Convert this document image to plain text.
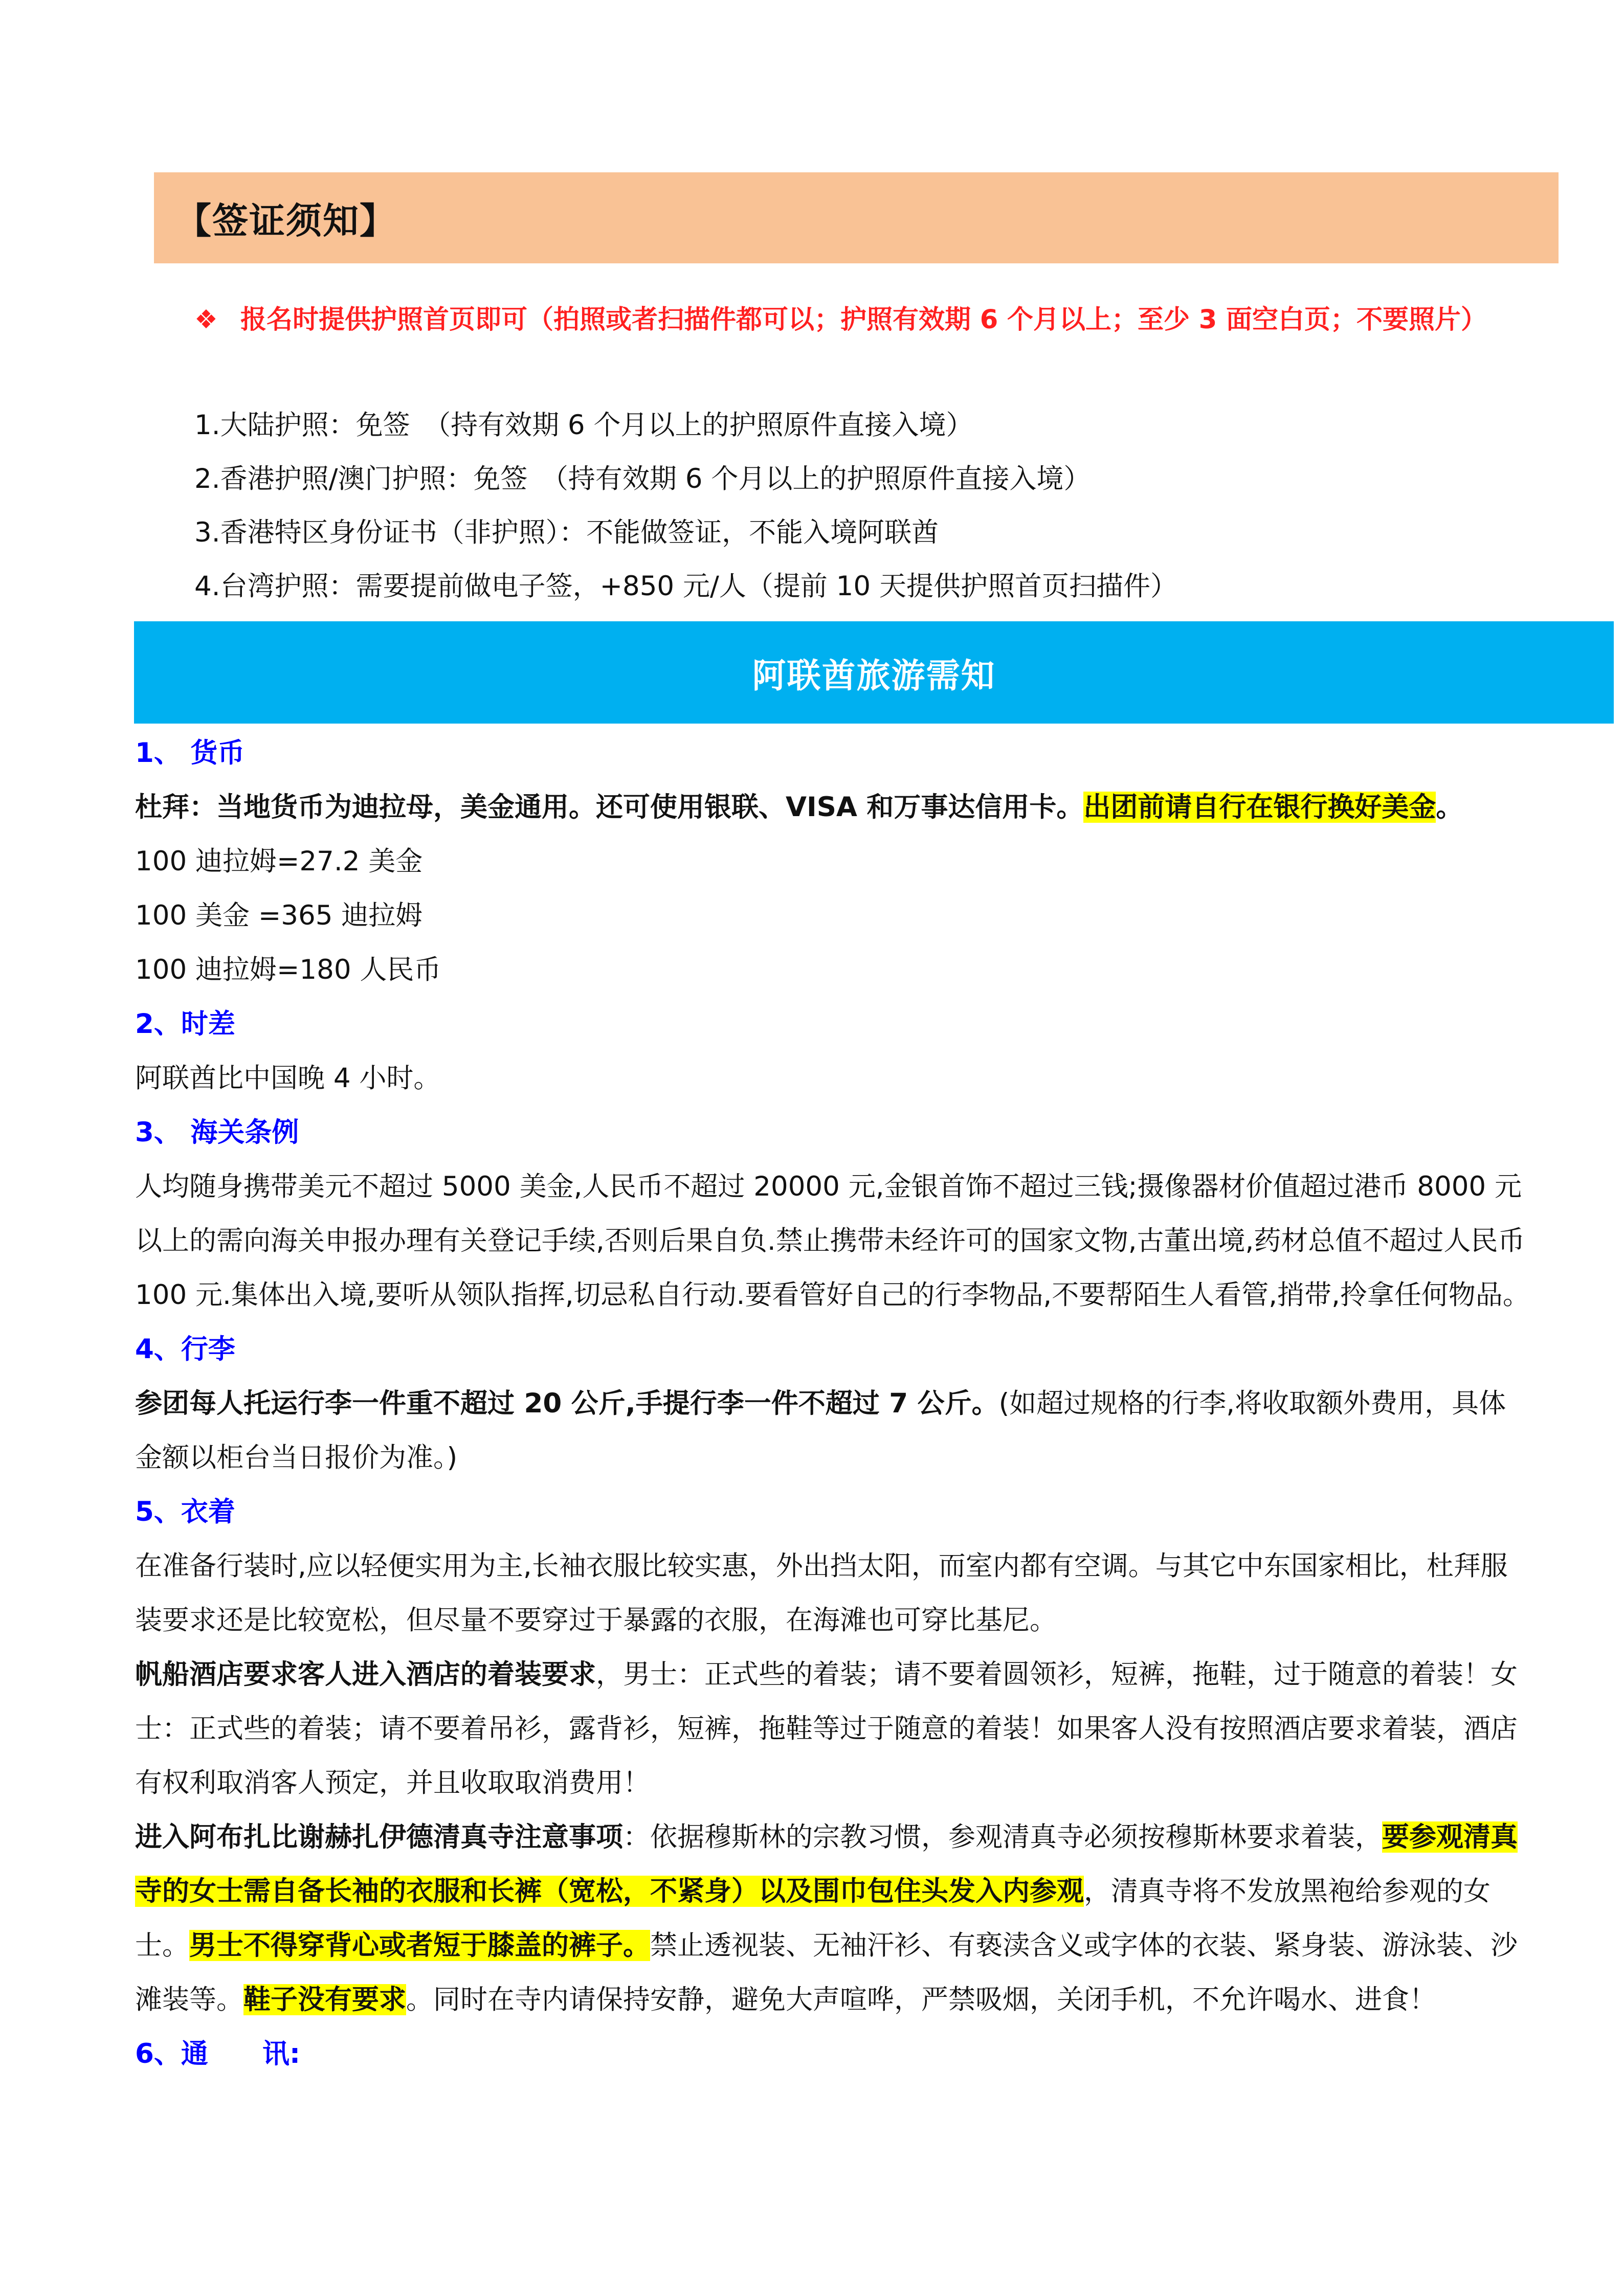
【签证须知】
❖ 报名时提供护照首页即可（拍照或者扫描件都可以；护照有效期 6 个月以上；至少 3 面空白页；不要照片）
1.大陆护照：免签　（持有效期 6 个月以上的护照原件直接入境）
2.香港护照/澳门护照：免签　（持有效期 6 个月以上的护照原件直接入境）
3.香港特区身份证书（非护照）：不能做签证，不能入境阿联酋
4.台湾护照：需要提前做电子签，+850 元/人（提前 10 天提供护照首页扫描件）
阿联酋旅游需知

1、 货币

杜拜：当地货币为迪拉母，美金通用。还可使用银联、VISA 和万事达信用卡。出团前请自行在银行换好美金。

100 迪拉姆=27.2 美金

100 美金 =365 迪拉姆

100 迪拉姆=180 人民币

2、时差

阿联酋比中国晚 4 小时。

3、 海关条例

人均随身携带美元不超过 5000 美金,人民币不超过 20000 元,金银首饰不超过三钱;摄像器材价值超过港币 8000 元以上的需向海关申报办理有关登记手续,否则后果自负.禁止携带未经许可的国家文物,古董出境,药材总值不超过人民币 100 元.集体出入境,要听从领队指挥,切忌私自行动.要看管好自己的行李物品,不要帮陌生人看管,捎带,拎拿任何物品。

4、行李

参团每人托运行李一件重不超过 20 公斤,手提行李一件不超过 7 公斤。(如超过规格的行李,将收取额外费用，具体金额以柜台当日报价为准。)

5、衣着

在准备行装时,应以轻便实用为主,长袖衣服比较实惠，外出挡太阳，而室内都有空调。与其它中东国家相比，杜拜服装要求还是比较宽松，但尽量不要穿过于暴露的衣服，在海滩也可穿比基尼。

帆船酒店要求客人进入酒店的着装要求，男士：正式些的着装；请不要着圆领衫，短裤，拖鞋，过于随意的着装！女士：正式些的着装；请不要着吊衫，露背衫，短裤，拖鞋等过于随意的着装！如果客人没有按照酒店要求着装，酒店有权利取消客人预定，并且收取取消费用！

进入阿布扎比谢赫扎伊德清真寺注意事项：依据穆斯林的宗教习惯，参观清真寺必须按穆斯林要求着装，要参观清真寺的女士需自备长袖的衣服和长裤（宽松，不紧身）以及围巾包住头发入内参观，清真寺将不发放黑袍给参观的女士。男士不得穿背心或者短于膝盖的裤子。禁止透视装、无袖汗衫、有亵渎含义或字体的衣装、紧身装、游泳装、沙滩装等。鞋子没有要求。同时在寺内请保持安静，避免大声喧哗，严禁吸烟，关闭手机，不允许喝水、进食！

6、通　　讯:
